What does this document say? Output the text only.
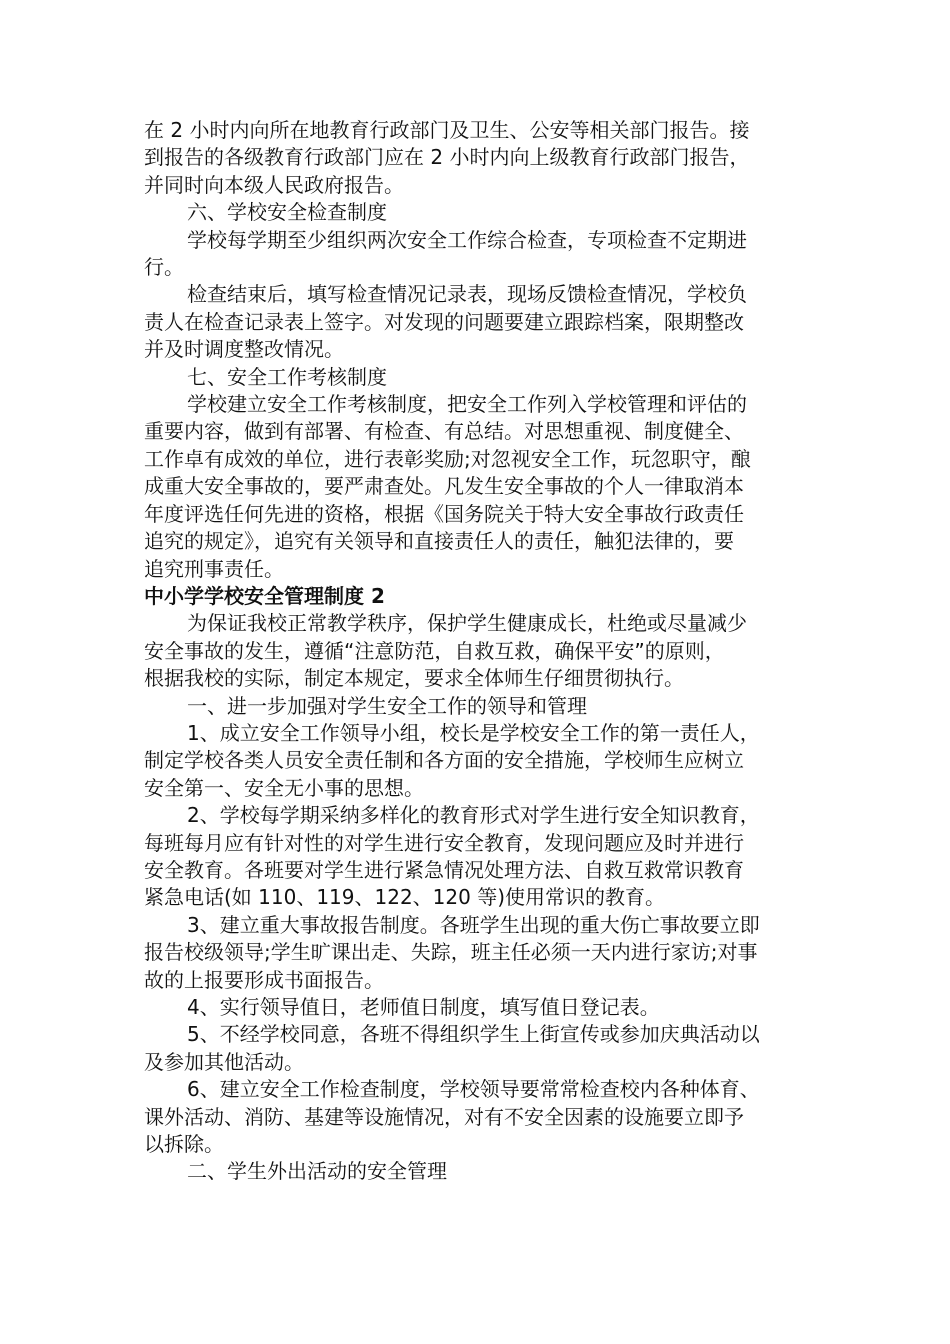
在 2 小时内向所在地教育行政部门及卫生、公安等相关部门报告。接

到报告的各级教育行政部门应在 2 小时内向上级教育行政部门报告，

并同时向本级人民政府报告。

六、学校安全检查制度

学校每学期至少组织两次安全工作综合检查，专项检查不定期进

行。

检查结束后，填写检查情况记录表，现场反馈检查情况，学校负

责人在检查记录表上签字。对发现的问题要建立跟踪档案，限期整改

并及时调度整改情况。

七、安全工作考核制度

学校建立安全工作考核制度，把安全工作列入学校管理和评估的

重要内容，做到有部署、有检查、有总结。对思想重视、制度健全、

工作卓有成效的单位，进行表彰奖励;对忽视安全工作，玩忽职守，酿

成重大安全事故的，要严肃查处。凡发生安全事故的个人一律取消本

年度评选任何先进的资格，根据《国务院关于特大安全事故行政责任

追究的规定》，追究有关领导和直接责任人的责任，触犯法律的，要

追究刑事责任。

中小学学校安全管理制度 2

为保证我校正常教学秩序，保护学生健康成长，杜绝或尽量减少

安全事故的发生，遵循“注意防范，自救互救，确保平安”的原则，

根据我校的实际，制定本规定，要求全体师生仔细贯彻执行。

一、进一步加强对学生安全工作的领导和管理

1、成立安全工作领导小组，校长是学校安全工作的第一责任人，

制定学校各类人员安全责任制和各方面的安全措施，学校师生应树立

安全第一、安全无小事的思想。

2、学校每学期采纳多样化的教育形式对学生进行安全知识教育，

每班每月应有针对性的对学生进行安全教育，发现问题应及时并进行

安全教育。各班要对学生进行紧急情况处理方法、自救互救常识教育

紧急电话(如 110、119、122、120 等)使用常识的教育。

3、建立重大事故报告制度。各班学生出现的重大伤亡事故要立即

报告校级领导;学生旷课出走、失踪，班主任必须一天内进行家访;对事

故的上报要形成书面报告。

4、实行领导值日，老师值日制度，填写值日登记表。

5、不经学校同意，各班不得组织学生上街宣传或参加庆典活动以

及参加其他活动。

6、建立安全工作检查制度，学校领导要常常检查校内各种体育、

课外活动、消防、基建等设施情况，对有不安全因素的设施要立即予

以拆除。

二、学生外出活动的安全管理
